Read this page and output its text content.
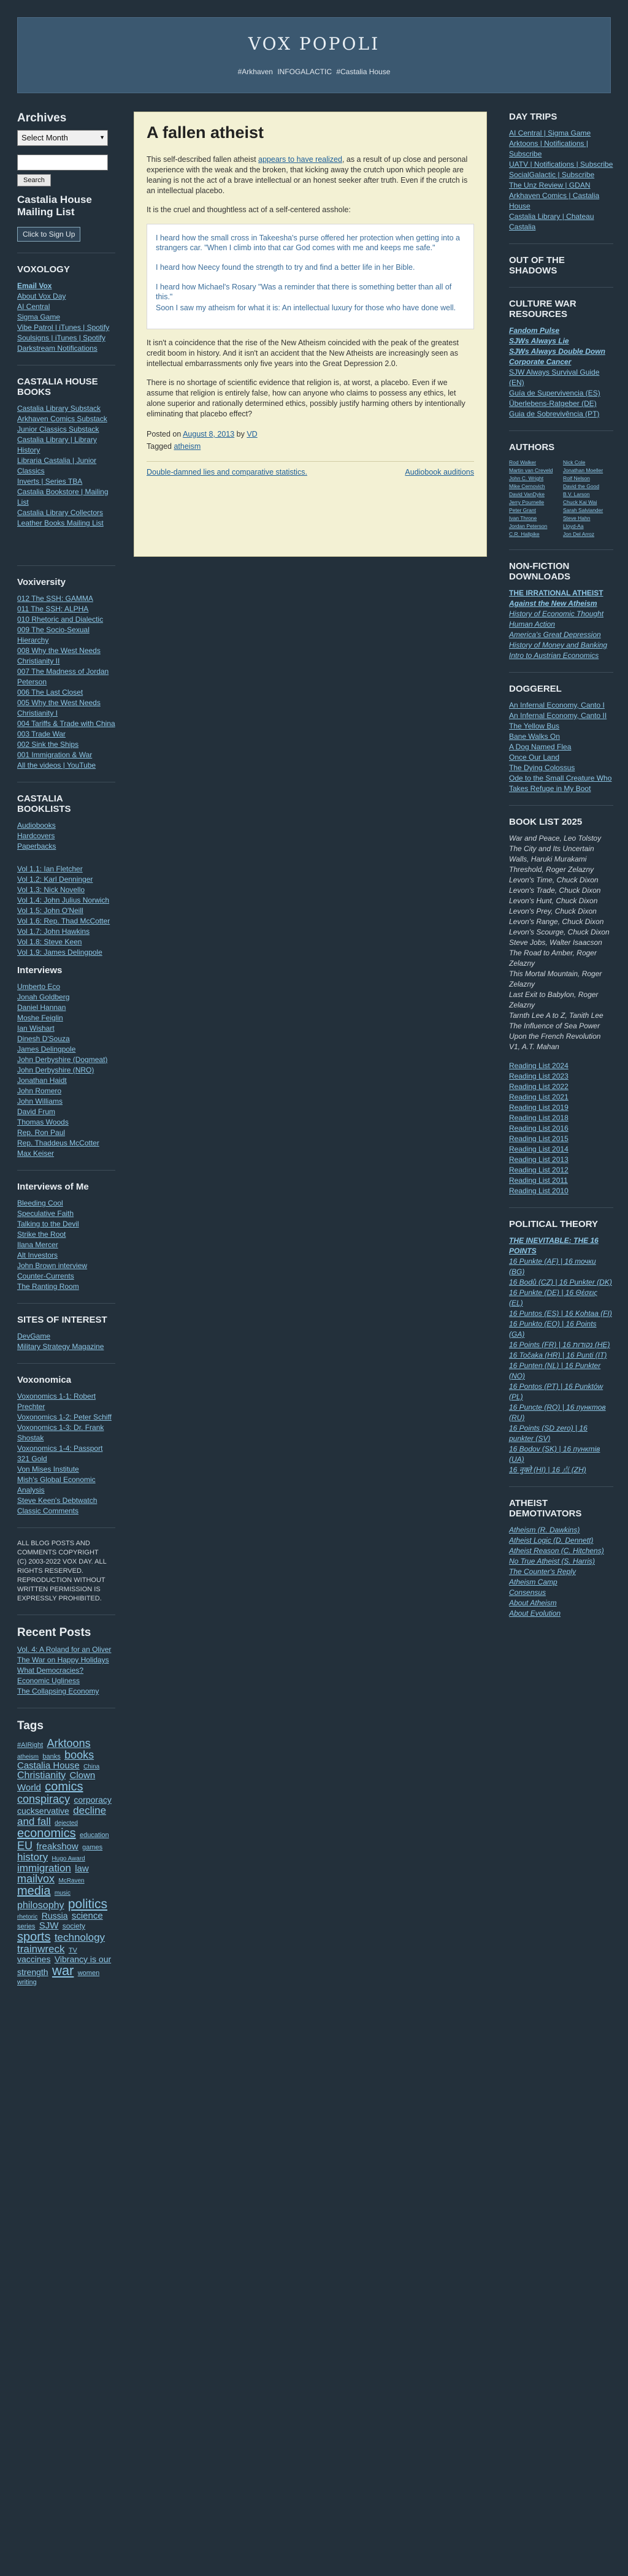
VOX POPOLI
#Arkhaven INFOGALACTIC #Castalia House
Archives
Select Month	▼
Search
Castalia House Mailing List
Click to Sign Up
VOXOLOGY
Email Vox
About Vox Day
AI Central
Sigma Game
Vibe Patrol | iTunes | Spotify
Soulsigns | iTunes | Spotify
Darkstream Notifications
CASTALIA HOUSE BOOKS
Castalia Library Substack
Arkhaven Comics Substack
Junior Classics Substack
Castalia Library | Library History
Libraria Castalia | Junior Classics
Inverts | Series TBA
Castalia Bookstore | Mailing List
Castalia Library Collectors
Leather Books Mailing List
Voxiversity
012 The SSH: GAMMA
011 The SSH: ALPHA
010 Rhetoric and Dialectic
009 The Socio-Sexual Hierarchy
008 Why the West Needs Christianity II
007 The Madness of Jordan Peterson
006 The Last Closet
005 Why the West Needs Christianity I
004 Tariffs & Trade with China
003 Trade War
002 Sink the Ships
001 Immigration & War
All the videos | YouTube
CASTALIA BOOKLISTS
Audiobooks
Hardcovers
Paperbacks
Vol 1.1: Ian Fletcher
Vol 1.2: Karl Denninger
Vol 1.3: Nick Novello
Vol 1.4: John Julius Norwich
Vol 1.5: John O'Neill
Vol 1.6: Rep. Thad McCotter
Vol 1.7: John Hawkins
Vol 1.8: Steve Keen
Vol 1.9: James Delingpole
Interviews
Umberto Eco
Jonah Goldberg
Daniel Hannan
Moshe Feiglin
Ian Wishart
Dinesh D'Souza
James Delingpole
John Derbyshire (Dogmeat)
John Derbyshire (NRO)
Jonathan Haidt
John Romero
John Williams
David Frum
Thomas Woods
Rep. Ron Paul
Rep. Thaddeus McCotter
Max Keiser
Interviews of Me
Bleeding Cool
Speculative Faith
Talking to the Devil
Strike the Root
Ilana Mercer
Alt Investors
John Brown interview
Counter-Currents
The Ranting Room
SITES OF INTEREST
DevGame
Military Strategy Magazine
Voxonomica
Voxonomics 1-1: Robert Prechter
Voxonomics 1-2: Peter Schiff
Voxonomics 1-3: Dr. Frank Shostak
Voxonomics 1-4: Passport 321 Gold
Von Mises Institute
Mish's Global Economic Analysis
Steve Keen's Debtwatch
Classic Comments
ALL BLOG POSTS AND COMMENTS COPYRIGHT (C) 2003-2022 VOX DAY. ALL RIGHTS RESERVED. REPRODUCTION WITHOUT WRITTEN PERMISSION IS EXPRESSLY PROHIBITED.
Recent Posts
Vol. 4: A Roland for an Oliver
The War on Happy Holidays
What Democracies?
Economic Ugliness
The Collapsing Economy
Tags
#AIRight Arktoons atheism banks books Castalia House China Christianity Clown World comics conspiracy corporacy cuckservative decline and fall dejected economics education EU freakshow games history Hugo Award immigration law mailvox McRaven media music philosophy politics rhetoric Russia science series SJW society sports technology trainwreck TV vaccines Vibrancy is our strength war women writing
A fallen atheist

This self-described fallen atheist appears to have realized, as a result of up close and personal experience with the weak and the broken, that kicking away the crutch upon which people are leaning is not the act of a brave intellectual or an honest seeker after truth. Even if the crutch is an intellectual placebo.

It is the cruel and thoughtless act of a self-centered asshole:

I heard how the small cross in Takeesha's purse offered her protection when getting into a strangers car. "When I climb into that car God comes with me and keeps me safe."

I heard how Neecy found the strength to try and find a better life in her Bible.

I heard how Michael's Rosary "Was a reminder that there is something better than all of this."

Soon I saw my atheism for what it is: An intellectual luxury for those who have done well.

It isn't a coincidence that the rise of the New Atheism coincided with the peak of the greatest credit boom in history. And it isn't an accident that the New Atheists are increasingly seen as intellectual embarrassments only five years into the Great Depression 2.0.

There is no shortage of scientific evidence that religion is, at worst, a placebo. Even if we assume that religion is entirely false, how can anyone who claims to possess any ethics, let alone superior and rationally determined ethics, possibly justify harming others by intentionally eliminating that placebo effect?

Posted on August 8, 2013 by VD
Tagged atheism
Double-damned lies and comparative statistics.	Audiobook auditions
DAY TRIPS
AI Central | Sigma Game
Arktoons | Notifications | Subscribe
UATV | Notifications | Subscribe
SocialGalactic | Subscribe
The Unz Review | GDAN
Arkhaven Comics | Castalia House
Castalia Library | Chateau Castalia
OUT OF THE SHADOWS
CULTURE WAR RESOURCES
Fandom Pulse
SJWs Always Lie
SJWs Always Double Down
Corporate Cancer
SJW Always Survival Guide (EN)
Guía de Supervivencia (ES)
Überlebens-Ratgeber (DE)
Guia de Sobrevivência (PT)
AUTHORS
Rod Walker	Nick Cole
Martin van Creveld	Jonathan Moeller
John C. Wright	Rolf Nelson
Mike Cernovich	David the Good
David VanDyke	B.V. Larson
Jerry Pournelle	Chuck Kai Wai
Peter Grant	Sarah Salviander
Ivan Throne	Steve Hahn
Jordan Peterson	Lloyd-Aa
C.R. Hallpike	Jon Del Arroz
NON-FICTION DOWNLOADS
THE IRRATIONAL ATHEIST
Against the New Atheism
History of Economic Thought
Human Action
America's Great Depression
History of Money and Banking
Intro to Austrian Economics
DOGGEREL
An Infernal Economy, Canto I
An Infernal Economy, Canto II
The Yellow Bus
Bane Walks On
A Dog Named Flea
Once Our Land
The Dying Colossus
Ode to the Small Creature Who Takes Refuge in My Boot
BOOK LIST 2025
War and Peace, Leo Tolstoy
The City and Its Uncertain Walls, Haruki Murakami
Threshold, Roger Zelazny
Levon's Time, Chuck Dixon
Levon's Trade, Chuck Dixon
Levon's Hunt, Chuck Dixon
Levon's Prey, Chuck Dixon
Levon's Range, Chuck Dixon
Levon's Scourge, Chuck Dixon
Steve Jobs, Walter Isaacson
The Road to Amber, Roger Zelazny
This Mortal Mountain, Roger Zelazny
Last Exit to Babylon, Roger Zelazny
Tarnth Lee A to Z, Tanith Lee
The Influence of Sea Power Upon the French Revolution V1, A.T. Mahan
Reading List 2024
Reading List 2023
Reading List 2022
Reading List 2021
Reading List 2019
Reading List 2018
Reading List 2016
Reading List 2015
Reading List 2014
Reading List 2013
Reading List 2012
Reading List 2011
Reading List 2010
POLITICAL THEORY
THE INEVITABLE: THE 16 POINTS
16 Punkte (AF) | 16 точки (BG)
16 Bodů (CZ) | 16 Punkter (DK)
16 Punkte (DE) | 16 Θέσεις (EL)
16 Puntos (ES) | 16 Kohtaa (FI)
16 Punkto (EO) | 16 Points (GA)
16 Points (FR) | נקודות 16 (HE)
16 Točaka (HR) | 16 Punti (IT)
16 Punten (NL) | 16 Punkter (NO)
16 Pontos (PT) | 16 Punktów (PL)
16 Puncte (RO) | 16 пунктов (RU)
16 Points (SD zero) | 16 punkter (SV)
16 Bodov (SK) | 16 пунктів (UA)
16 नुक्ते (HI) | 16 点 (ZH)
ATHEIST DEMOTIVATORS
Atheism (R. Dawkins)
Atheist Logic (D. Dennett)
Atheist Reason (C. Hitchens)
No True Atheist (S. Harris)
The Counter's Reply
Atheism Camp
Consensus
About Atheism
About Evolution
